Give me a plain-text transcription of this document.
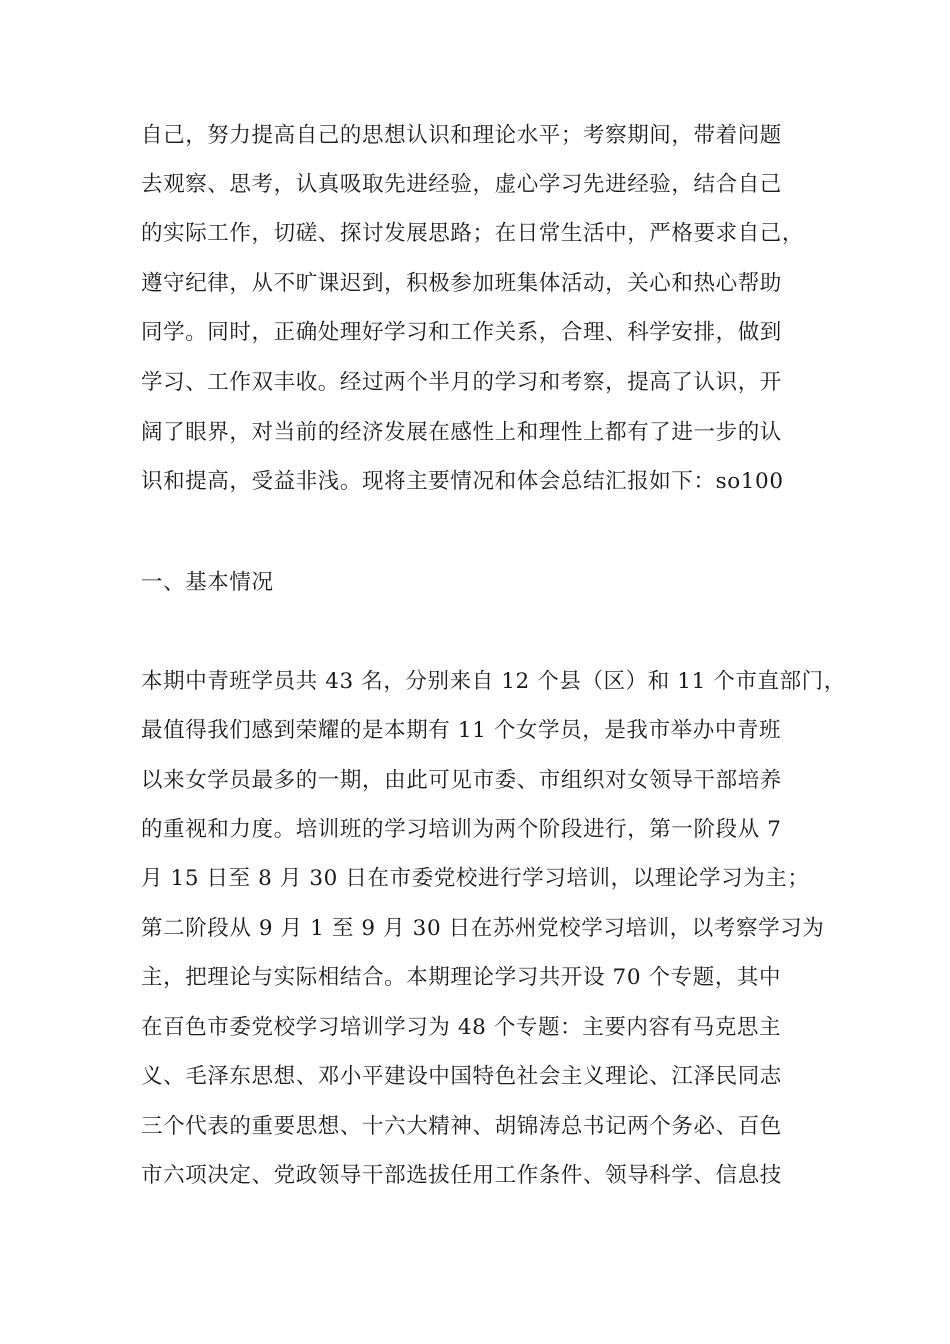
自己，努力提高自己的思想认识和理论水平；考察期间，带着问题
去观察、思考，认真吸取先进经验，虚心学习先进经验，结合自己
的实际工作，切磋、探讨发展思路；在日常生活中，严格要求自己，
遵守纪律，从不旷课迟到，积极参加班集体活动，关心和热心帮助
同学。同时，正确处理好学习和工作关系，合理、科学安排，做到
学习、工作双丰收。经过两个半月的学习和考察，提高了认识，开
阔了眼界，对当前的经济发展在感性上和理性上都有了进一步的认
识和提高，受益非浅。现将主要情况和体会总结汇报如下：so100
一、基本情况
本期中青班学员共 43 名，分别来自 12 个县（区）和 11 个市直部门，
最值得我们感到荣耀的是本期有 11 个女学员，是我市举办中青班
以来女学员最多的一期，由此可见市委、市组织对女领导干部培养
的重视和力度。培训班的学习培训为两个阶段进行，第一阶段从 7
月 15 日至 8 月 30 日在市委党校进行学习培训，以理论学习为主；
第二阶段从 9 月 1 至 9 月 30 日在苏州党校学习培训，以考察学习为
主，把理论与实际相结合。本期理论学习共开设 70 个专题，其中
在百色市委党校学习培训学习为 48 个专题：主要内容有马克思主
义、毛泽东思想、邓小平建设中国特色社会主义理论、江泽民同志
三个代表的重要思想、十六大精神、胡锦涛总书记两个务必、百色
市六项决定、党政领导干部选拔任用工作条件、领导科学、信息技
